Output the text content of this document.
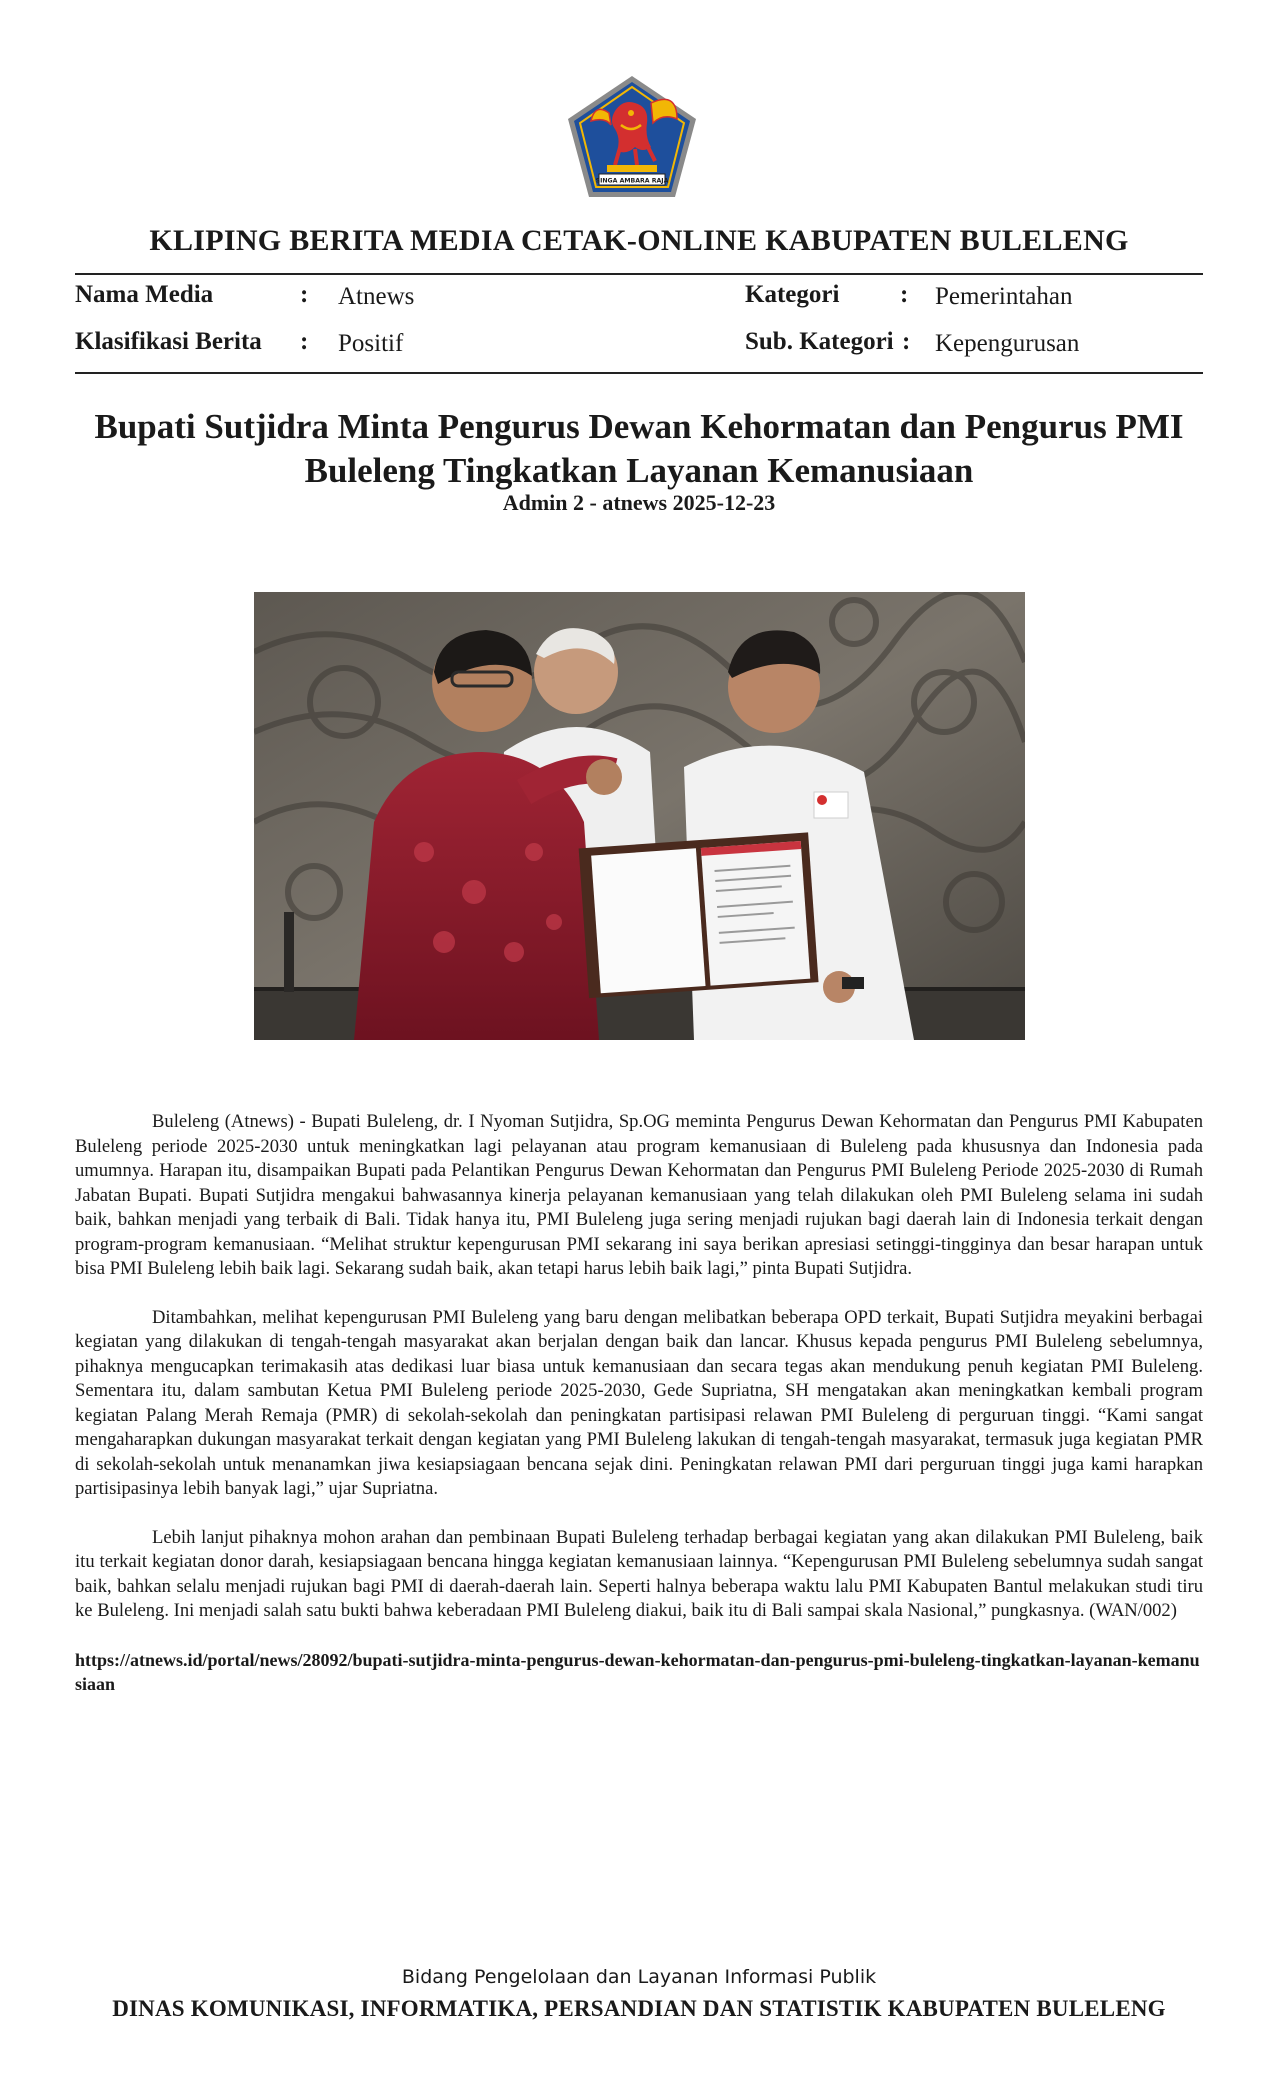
SINGA AMBARA RAJA
KLIPING BERITA MEDIA CETAK-ONLINE KABUPATEN BULELENG
Nama Media	: Atnews
Klasifikasi Berita : Positif
Kategori : Pemerintahan
Sub. Kategori : Kepengurusan
Bupati Sutjidra Minta Pengurus Dewan Kehormatan dan Pengurus PMI Buleleng Tingkatkan Layanan Kemanusiaan
Admin 2 - atnews 2025-12-23

Buleleng (Atnews) - Bupati Buleleng, dr. I Nyoman Sutjidra, Sp.OG meminta Pengurus Dewan Kehormatan dan Pengurus PMI Kabupaten Buleleng periode 2025-2030 untuk meningkatkan lagi pelayanan atau program kemanusiaan di Buleleng pada khususnya dan Indonesia pada umumnya. Harapan itu, disampaikan Bupati pada Pelantikan Pengurus Dewan Kehormatan dan Pengurus PMI Buleleng Periode 2025-2030 di Rumah Jabatan Bupati. Bupati Sutjidra mengakui bahwasannya kinerja pelayanan kemanusiaan yang telah dilakukan oleh PMI Buleleng selama ini sudah baik, bahkan menjadi yang terbaik di Bali. Tidak hanya itu, PMI Buleleng juga sering menjadi rujukan bagi daerah lain di Indonesia terkait dengan program-program kemanusiaan. “Melihat struktur kepengurusan PMI sekarang ini saya berikan apresiasi setinggi-tingginya dan besar harapan untuk bisa PMI Buleleng lebih baik lagi. Sekarang sudah baik, akan tetapi harus lebih baik lagi,” pinta Bupati Sutjidra.

Ditambahkan, melihat kepengurusan PMI Buleleng yang baru dengan melibatkan beberapa OPD terkait, Bupati Sutjidra meyakini berbagai kegiatan yang dilakukan di tengah-tengah masyarakat akan berjalan dengan baik dan lancar. Khusus kepada pengurus PMI Buleleng sebelumnya, pihaknya mengucapkan terimakasih atas dedikasi luar biasa untuk kemanusiaan dan secara tegas akan mendukung penuh kegiatan PMI Buleleng. Sementara itu, dalam sambutan Ketua PMI Buleleng periode 2025-2030, Gede Supriatna, SH mengatakan akan meningkatkan kembali program kegiatan Palang Merah Remaja (PMR) di sekolah-sekolah dan peningkatan partisipasi relawan PMI Buleleng di perguruan tinggi. “Kami sangat mengaharapkan dukungan masyarakat terkait dengan kegiatan yang PMI Buleleng lakukan di tengah-tengah masyarakat, termasuk juga kegiatan PMR di sekolah-sekolah untuk menanamkan jiwa kesiapsiagaan bencana sejak dini. Peningkatan relawan PMI dari perguruan tinggi juga kami harapkan partisipasinya lebih banyak lagi,” ujar Supriatna.

Lebih lanjut pihaknya mohon arahan dan pembinaan Bupati Buleleng terhadap berbagai kegiatan yang akan dilakukan PMI Buleleng, baik itu terkait kegiatan donor darah, kesiapsiagaan bencana hingga kegiatan kemanusiaan lainnya. “Kepengurusan PMI Buleleng sebelumnya sudah sangat baik, bahkan selalu menjadi rujukan bagi PMI di daerah-daerah lain. Seperti halnya beberapa waktu lalu PMI Kabupaten Bantul melakukan studi tiru ke Buleleng. Ini menjadi salah satu bukti bahwa keberadaan PMI Buleleng diakui, baik itu di Bali sampai skala Nasional,” pungkasnya. (WAN/002)

https://atnews.id/portal/news/28092/bupati-sutjidra-minta-pengurus-dewan-kehormatan-dan-pengurus-pmi-buleleng-tingkatkan-layanan-kemanusiaan

Bidang Pengelolaan dan Layanan Informasi Publik
DINAS KOMUNIKASI, INFORMATIKA, PERSANDIAN DAN STATISTIK KABUPATEN BULELENG
